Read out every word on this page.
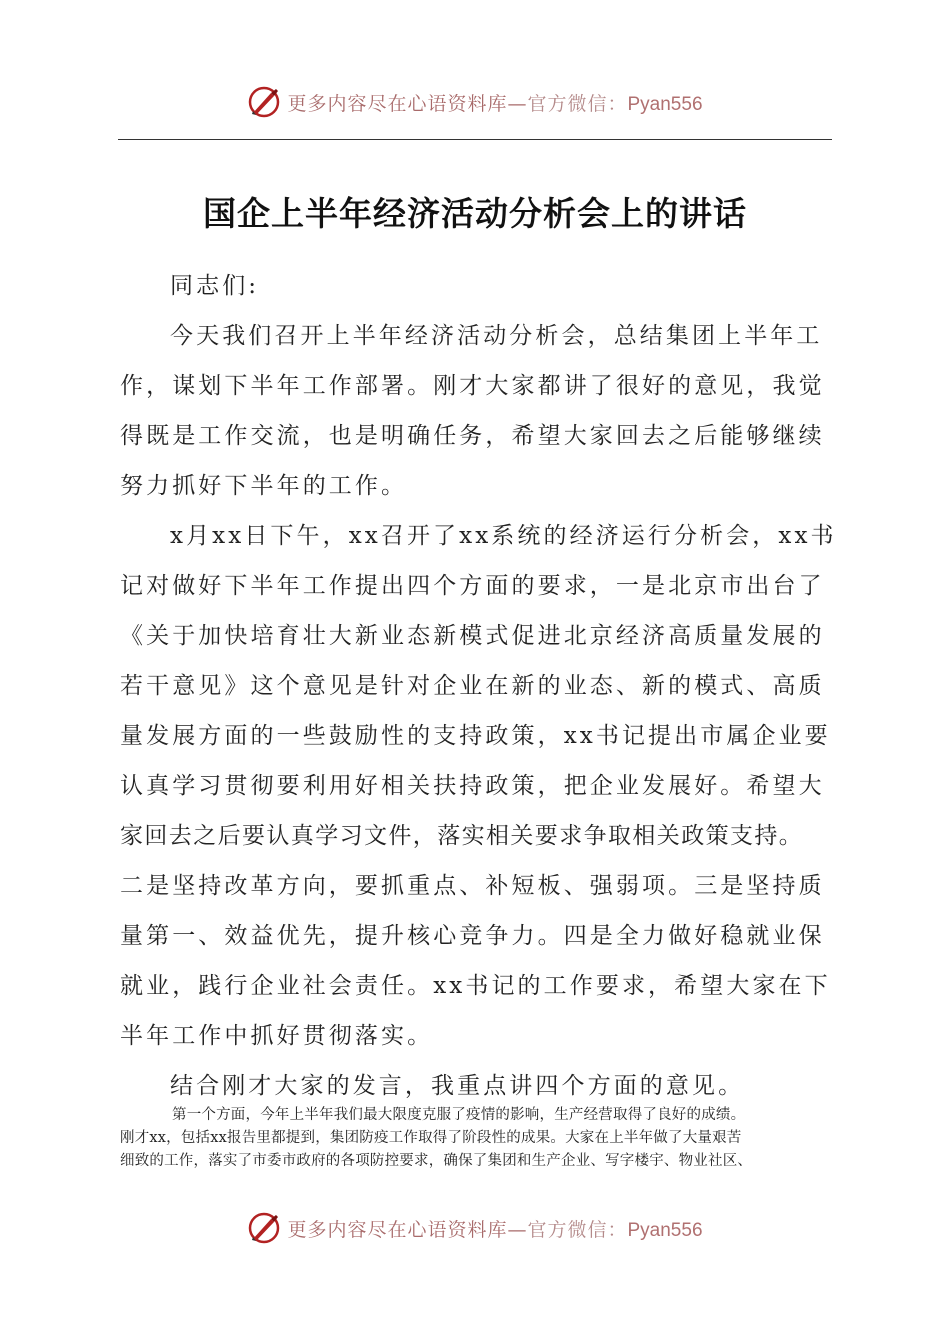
更多内容尽在心语资料库—官方微信：Pyan556
国企上半年经济活动分析会上的讲话
同志们:
今天我们召开上半年经济活动分析会，总结集团上半年工
作，谋划下半年工作部署。刚才大家都讲了很好的意见，我觉
得既是工作交流，也是明确任务，希望大家回去之后能够继续
努力抓好下半年的工作。
x月xx日下午，xx召开了xx系统的经济运行分析会，xx书
记对做好下半年工作提出四个方面的要求，一是北京市出台了
《关于加快培育壮大新业态新模式促进北京经济高质量发展的
若干意见》这个意见是针对企业在新的业态、新的模式、高质
量发展方面的一些鼓励性的支持政策，xx书记提出市属企业要
认真学习贯彻要利用好相关扶持政策，把企业发展好。希望大
家回去之后要认真学习文件，落实相关要求争取相关政策支持。
二是坚持改革方向，要抓重点、补短板、强弱项。三是坚持质
量第一、效益优先，提升核心竞争力。四是全力做好稳就业保
就业，践行企业社会责任。xx书记的工作要求，希望大家在下
半年工作中抓好贯彻落实。
结合刚才大家的发言，我重点讲四个方面的意见。
第一个方面，今年上半年我们最大限度克服了疫情的影响，生产经营取得了良好的成绩。
刚才xx，包括xx报告里都提到，集团防疫工作取得了阶段性的成果。大家在上半年做了大量艰苦
细致的工作，落实了市委市政府的各项防控要求，确保了集团和生产企业、写字楼宇、物业社区、
更多内容尽在心语资料库—官方微信：Pyan556
